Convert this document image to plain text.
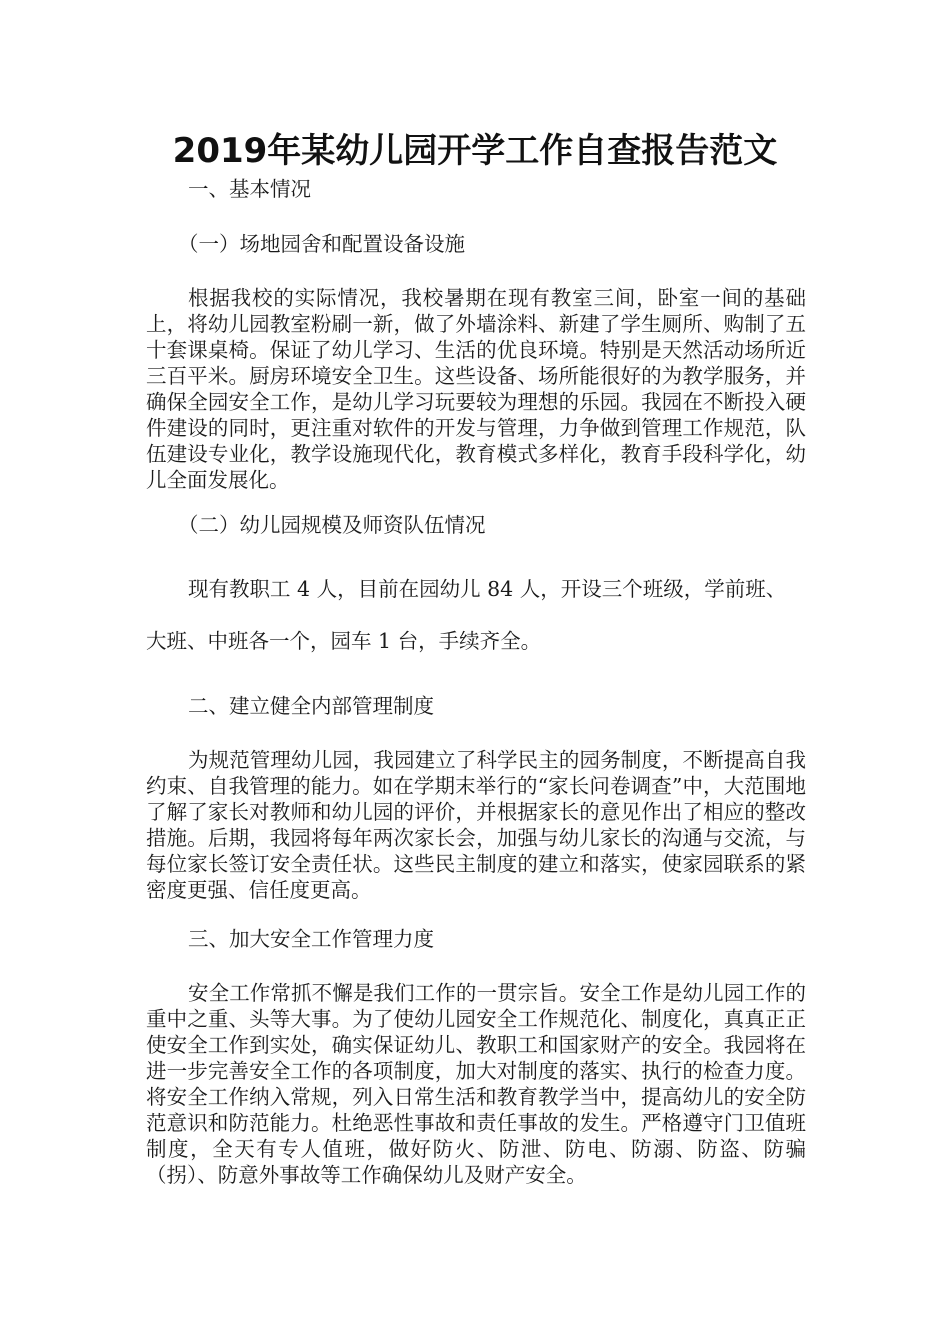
2019年某幼儿园开学工作自查报告范文
一、基本情况
（一）场地园舍和配置设备设施
根据我校的实际情况，我校暑期在现有教室三间，卧室一间的基础上，将幼儿园教室粉刷一新，做了外墙涂料、新建了学生厕所、购制了五十套课桌椅。保证了幼儿学习、生活的优良环境。特别是天然活动场所近三百平米。厨房环境安全卫生。这些设备、场所能很好的为教学服务，并确保全园安全工作，是幼儿学习玩要较为理想的乐园。我园在不断投入硬件建设的同时，更注重对软件的开发与管理，力争做到管理工作规范，队伍建设专业化，教学设施现代化，教育模式多样化，教育手段科学化，幼儿全面发展化。
（二）幼儿园规模及师资队伍情况
现有教职工 4 人，目前在园幼儿 84 人，开设三个班级，学前班、
大班、中班各一个，园车 1 台，手续齐全。
二、建立健全内部管理制度
为规范管理幼儿园，我园建立了科学民主的园务制度，不断提高自我约束、自我管理的能力。如在学期末举行的“家长问卷调查”中，大范围地了解了家长对教师和幼儿园的评价，并根据家长的意见作出了相应的整改措施。后期，我园将每年两次家长会，加强与幼儿家长的沟通与交流，与每位家长签订安全责任状。这些民主制度的建立和落实，使家园联系的紧密度更强、信任度更高。
三、加大安全工作管理力度
安全工作常抓不懈是我们工作的一贯宗旨。安全工作是幼儿园工作的重中之重、头等大事。为了使幼儿园安全工作规范化、制度化，真真正正使安全工作到实处，确实保证幼儿、教职工和国家财产的安全。我园将在进一步完善安全工作的各项制度，加大对制度的落实、执行的检查力度。将安全工作纳入常规，列入日常生活和教育教学当中，提高幼儿的安全防范意识和防范能力。杜绝恶性事故和责任事故的发生。严格遵守门卫值班制度，全天有专人值班，做好防火、防泄、防电、防溺、防盗、防骗（拐）、防意外事故等工作确保幼儿及财产安全。
